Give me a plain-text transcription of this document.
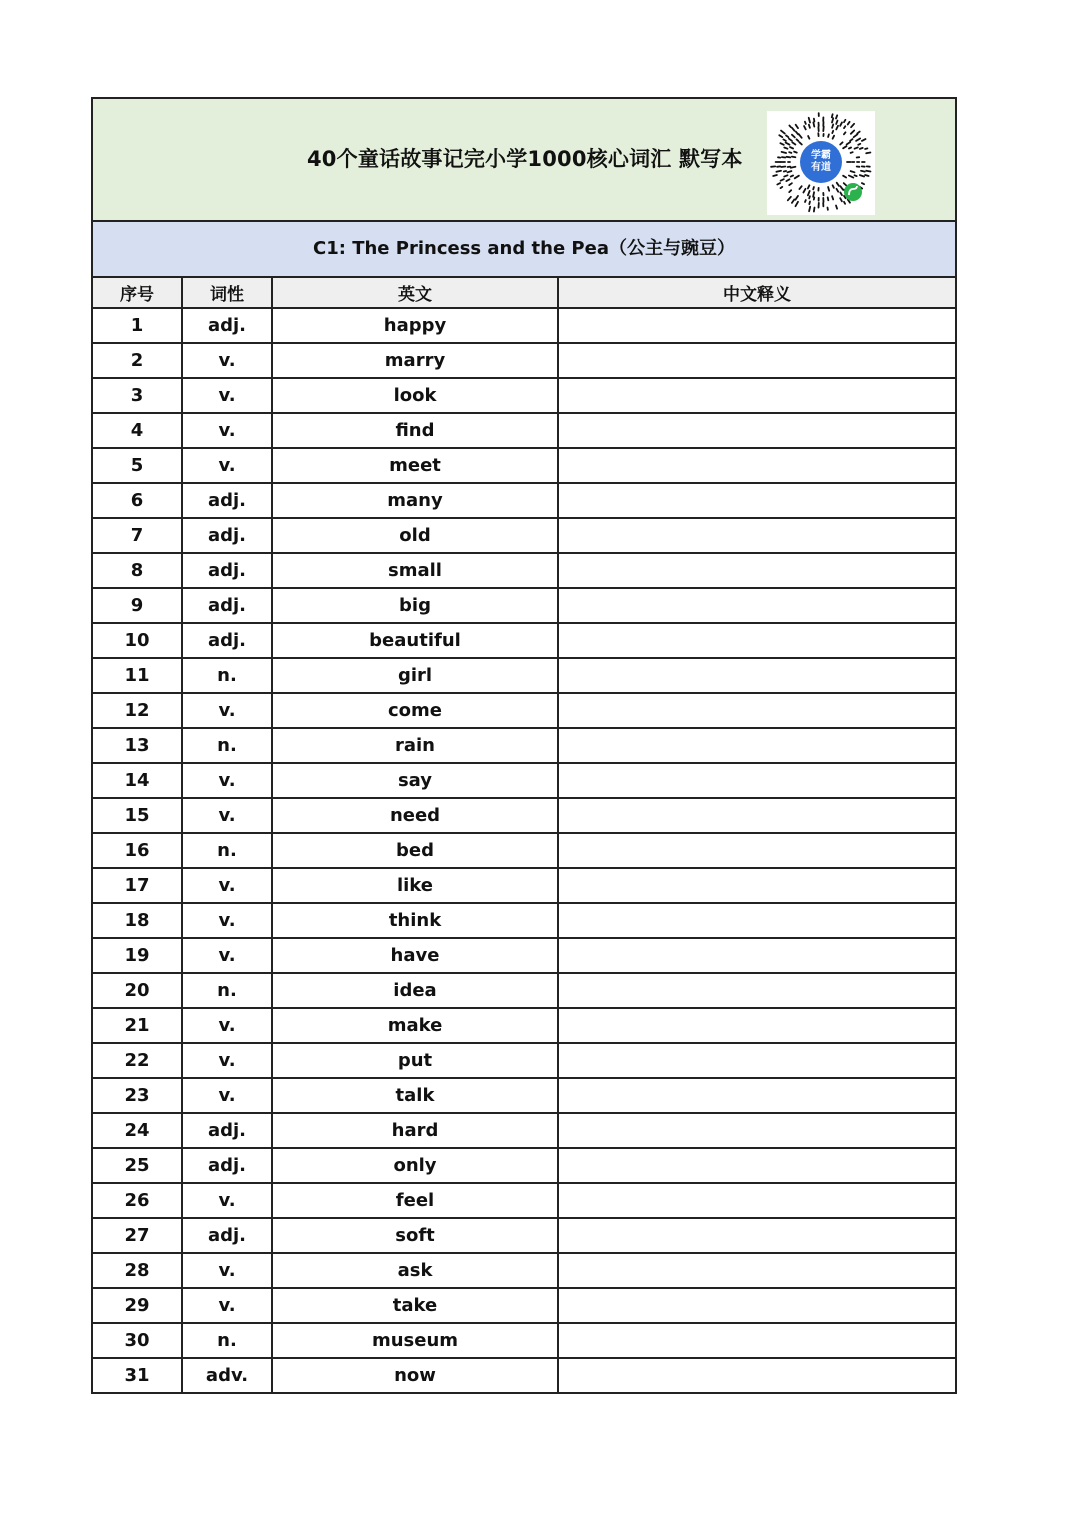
40个童话故事记完小学1000核心词汇 默写本	学霸
有道
C1: The Princess and the Pea（公主与豌豆）
序号	词性	英文	中文释义
1	adj.	happy	
2	v.	marry	
3	v.	look	
4	v.	find	
5	v.	meet	
6	adj.	many	
7	adj.	old	
8	adj.	small	
9	adj.	big	
10	adj.	beautiful	
11	n.	girl	
12	v.	come	
13	n.	rain	
14	v.	say	
15	v.	need	
16	n.	bed	
17	v.	like	
18	v.	think	
19	v.	have	
20	n.	idea	
21	v.	make	
22	v.	put	
23	v.	talk	
24	adj.	hard	
25	adj.	only	
26	v.	feel	
27	adj.	soft	
28	v.	ask	
29	v.	take	
30	n.	museum	
31	adv.	now	
